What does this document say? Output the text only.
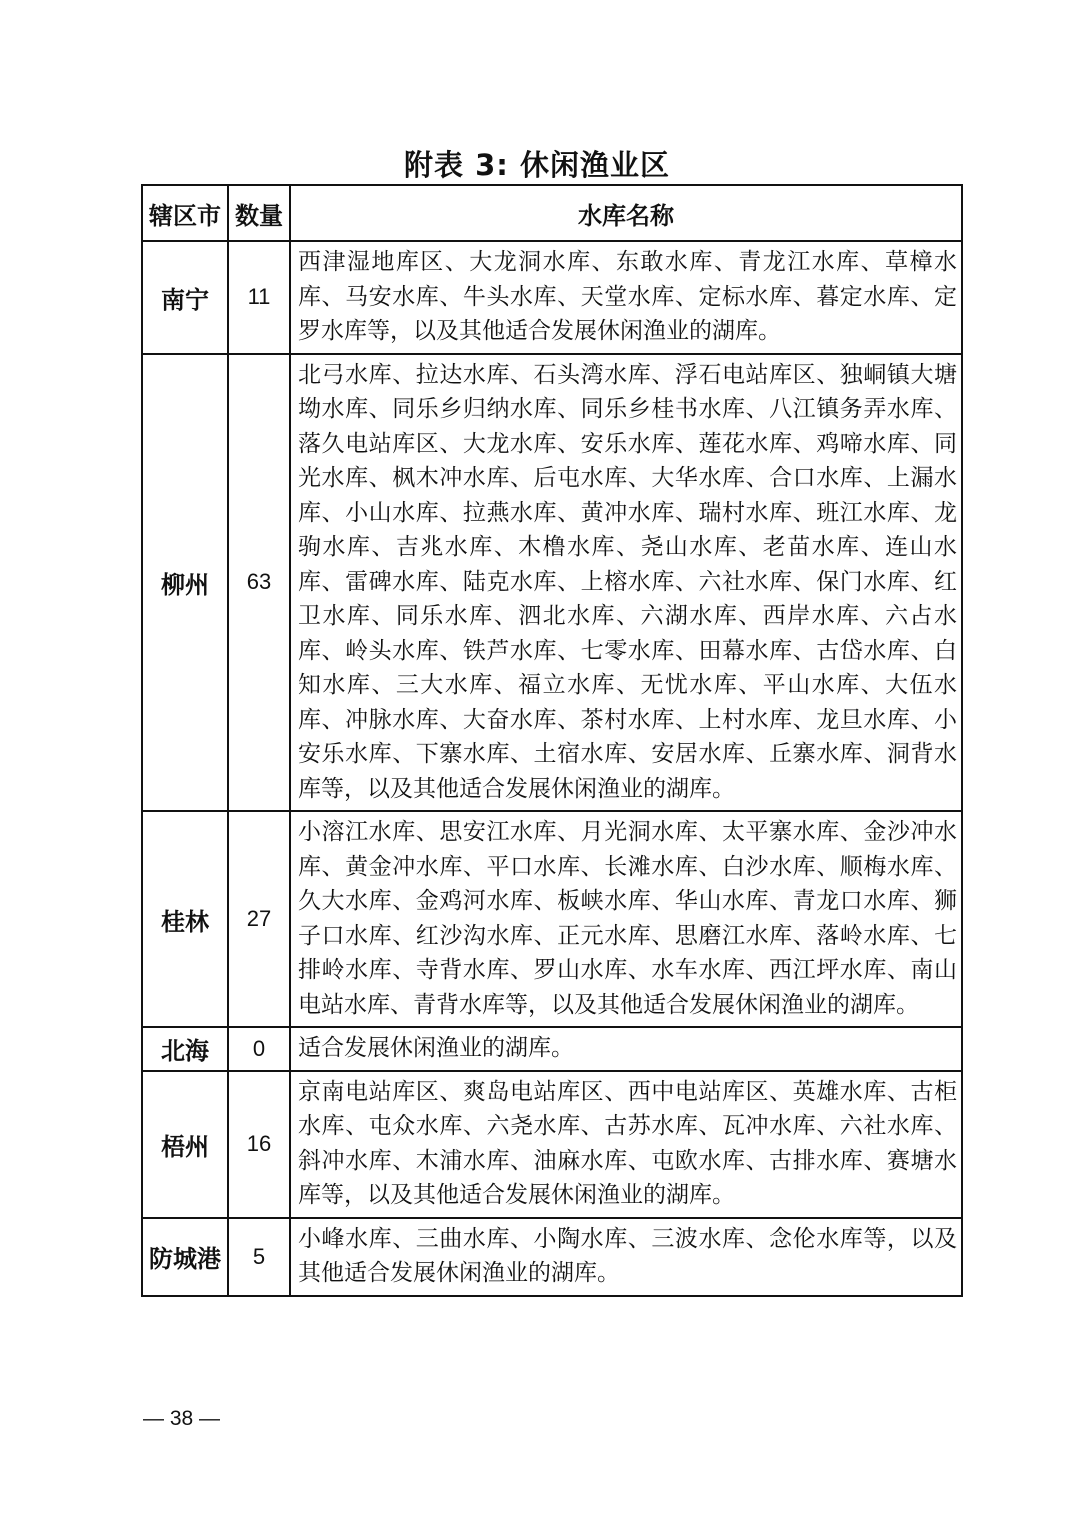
附表 3: 休闲渔业区
辖区市	数量	水库名称
南宁	11	西津湿地库区、大龙洞水库、东敢水库、青龙江水库、草樟水库、马安水库、牛头水库、天堂水库、定标水库、暮定水库、定罗水库等，以及其他适合发展休闲渔业的湖库。
柳州	63	北弓水库、拉达水库、石头湾水库、浮石电站库区、独峒镇大塘坳水库、同乐乡归纳水库、同乐乡桂书水库、八江镇务弄水库、落久电站库区、大龙水库、安乐水库、莲花水库、鸡啼水库、同光水库、枫木冲水库、后屯水库、大华水库、合口水库、上漏水库、小山水库、拉燕水库、黄冲水库、瑞村水库、班江水库、龙驹水库、吉兆水库、木橹水库、尧山水库、老苗水库、连山水库、雷碑水库、陆克水库、上榕水库、六社水库、保门水库、红卫水库、同乐水库、泗北水库、六湖水库、西岸水库、六占水库、岭头水库、铁芦水库、七零水库、田幕水库、古岱水库、白知水库、三大水库、福立水库、无忧水库、平山水库、大伍水库、冲脉水库、大奋水库、茶村水库、上村水库、龙旦水库、小安乐水库、下寨水库、土宿水库、安居水库、丘寨水库、洞背水库等，以及其他适合发展休闲渔业的湖库。
桂林	27	小溶江水库、思安江水库、月光洞水库、太平寨水库、金沙冲水库、黄金冲水库、平口水库、长滩水库、白沙水库、顺梅水库、久大水库、金鸡河水库、板峡水库、华山水库、青龙口水库、狮子口水库、红沙沟水库、正元水库、思磨江水库、落岭水库、七排岭水库、寺背水库、罗山水库、水车水库、西江坪水库、南山电站水库、青背水库等，以及其他适合发展休闲渔业的湖库。
北海	0	适合发展休闲渔业的湖库。
梧州	16	京南电站库区、爽岛电站库区、西中电站库区、英雄水库、古柜水库、屯众水库、六尧水库、古苏水库、瓦冲水库、六社水库、斜冲水库、木浦水库、油麻水库、屯欧水库、古排水库、赛塘水库等，以及其他适合发展休闲渔业的湖库。
防城港	5	小峰水库、三曲水库、小陶水库、三波水库、念伦水库等，以及其他适合发展休闲渔业的湖库。
— 38 —
